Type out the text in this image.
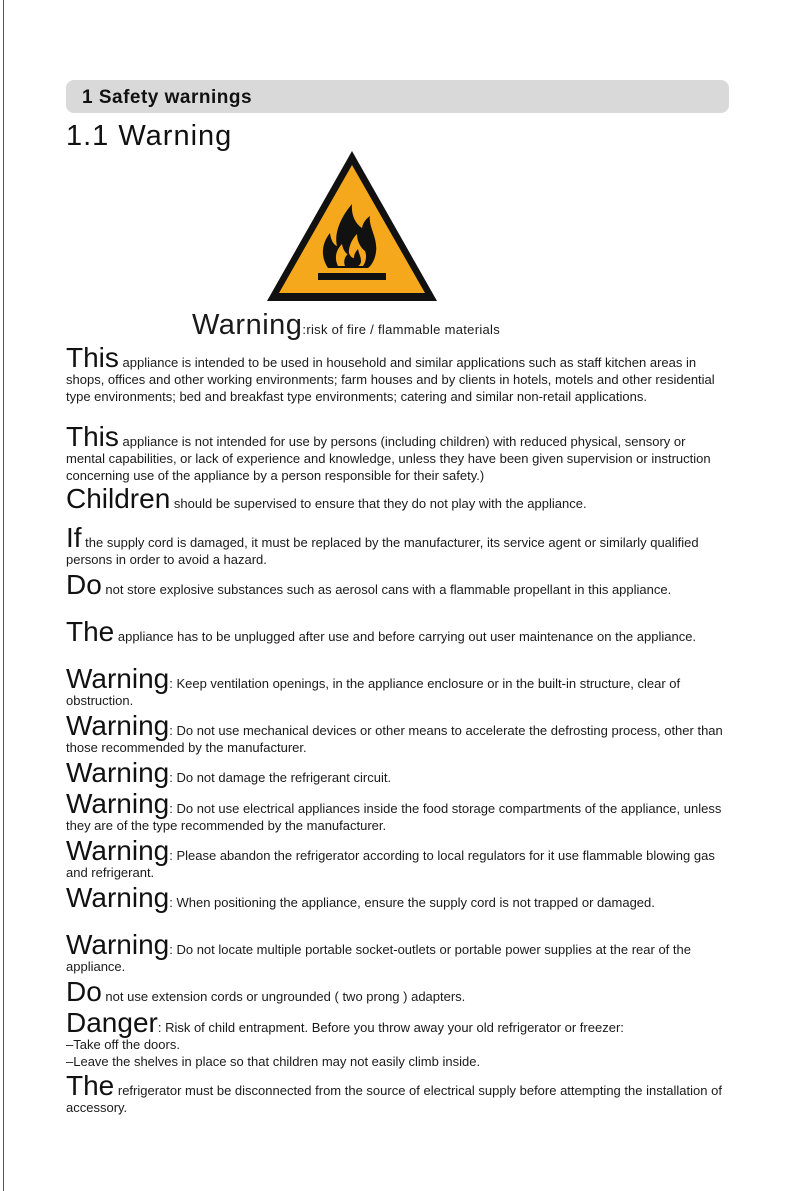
1 Safety warnings
1.1 Warning
Warning:risk of fire / flammable materials
This appliance is intended to be used in household and similar applications such as staff kitchen areas in shops, offices and other working environments; farm houses and by clients in hotels, motels and other residential type environments; bed and breakfast type environments; catering and similar non-retail applications.
This appliance is not intended for use by persons (including children) with reduced physical, sensory or mental capabilities, or lack of experience and knowledge, unless they have been given supervision or instruction concerning use of the appliance by a person responsible for their safety.)
Children should be supervised to ensure that they do not play with the appliance.
If the supply cord is damaged, it must be replaced by the manufacturer, its service agent or similarly qualified persons in order to avoid a hazard.
Do not store explosive substances such as aerosol cans with a flammable propellant in this appliance.
The appliance has to be unplugged after use and before carrying out user maintenance on the appliance.
Warning: Keep ventilation openings, in the appliance enclosure or in the built-in structure, clear of obstruction.
Warning: Do not use mechanical devices or other means to accelerate the defrosting process, other than those recommended by the manufacturer.
Warning: Do not damage the refrigerant circuit.
Warning: Do not use electrical appliances inside the food storage compartments of the appliance, unless they are of the type recommended by the manufacturer.
Warning: Please abandon the refrigerator according to local regulators for it use flammable blowing gas and refrigerant.
Warning: When positioning the appliance, ensure the supply cord is not trapped or damaged.
Warning: Do not locate multiple portable socket-outlets or portable power supplies at the rear of the appliance.
Do not use extension cords or ungrounded ( two prong ) adapters.
Danger: Risk of child entrapment. Before you throw away your old refrigerator or freezer:
–Take off the doors.
–Leave the shelves in place so that children may not easily climb inside.
The refrigerator must be disconnected from the source of electrical supply before attempting the installation of accessory.
